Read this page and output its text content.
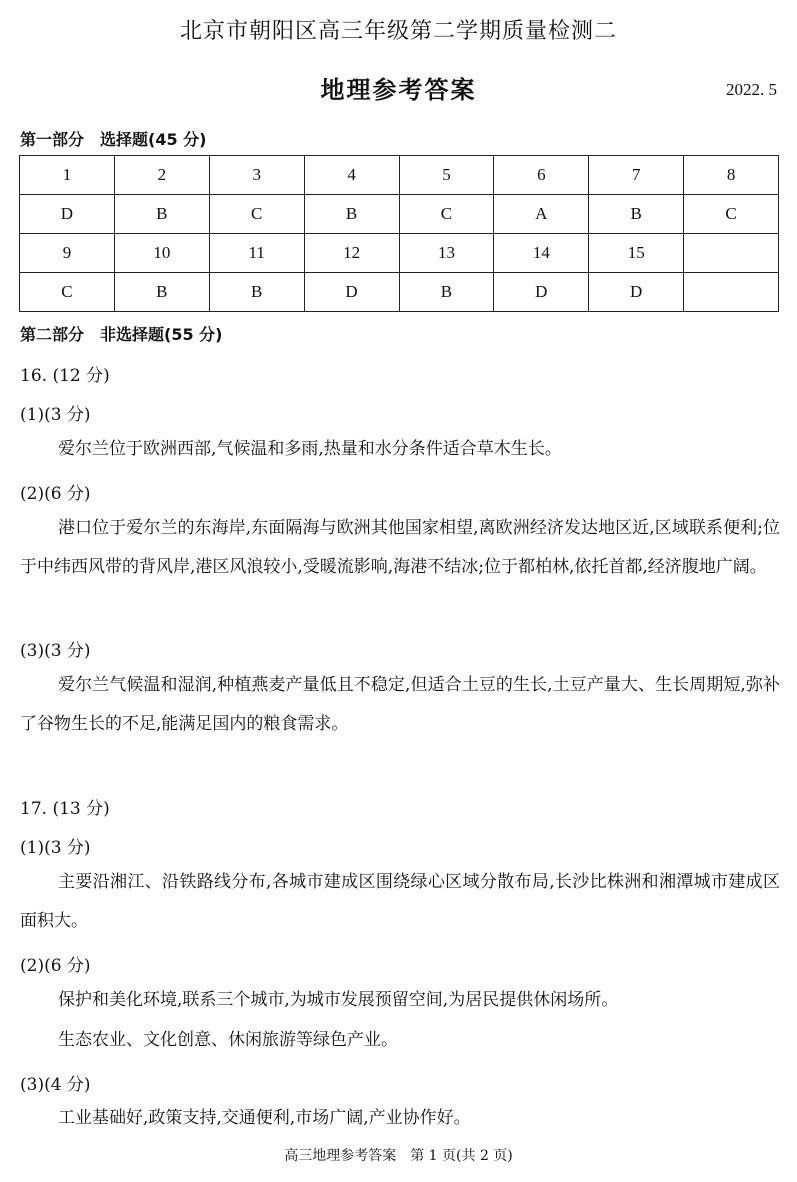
北京市朝阳区高三年级第二学期质量检测二
地理参考答案	2022. 5
第一部分 选择题(45 分)
1	2	3	4	5	6	7	8
D	B	C	B	C	A	B	C
9	10	11	12	13	14	15	
C	B	B	D	B	D	D	
第二部分 非选择题(55 分)
16. (12 分)
(1)(3 分)
爱尔兰位于欧洲西部,气候温和多雨,热量和水分条件适合草木生长。
(2)(6 分)
港口位于爱尔兰的东海岸,东面隔海与欧洲其他国家相望,离欧洲经济发达地区近,区域联系便利;位于中纬西风带的背风岸,港区风浪较小,受暖流影响,海港不结冰;位于都柏林,依托首都,经济腹地广阔。
(3)(3 分)
爱尔兰气候温和湿润,种植燕麦产量低且不稳定,但适合土豆的生长,土豆产量大、生长周期短,弥补了谷物生长的不足,能满足国内的粮食需求。
17. (13 分)
(1)(3 分)
主要沿湘江、沿铁路线分布,各城市建成区围绕绿心区域分散布局,长沙比株洲和湘潭城市建成区面积大。
(2)(6 分)
保护和美化环境,联系三个城市,为城市发展预留空间,为居民提供休闲场所。
生态农业、文化创意、休闲旅游等绿色产业。
(3)(4 分)
工业基础好,政策支持,交通便利,市场广阔,产业协作好。
高三地理参考答案　第 1 页(共 2 页)
